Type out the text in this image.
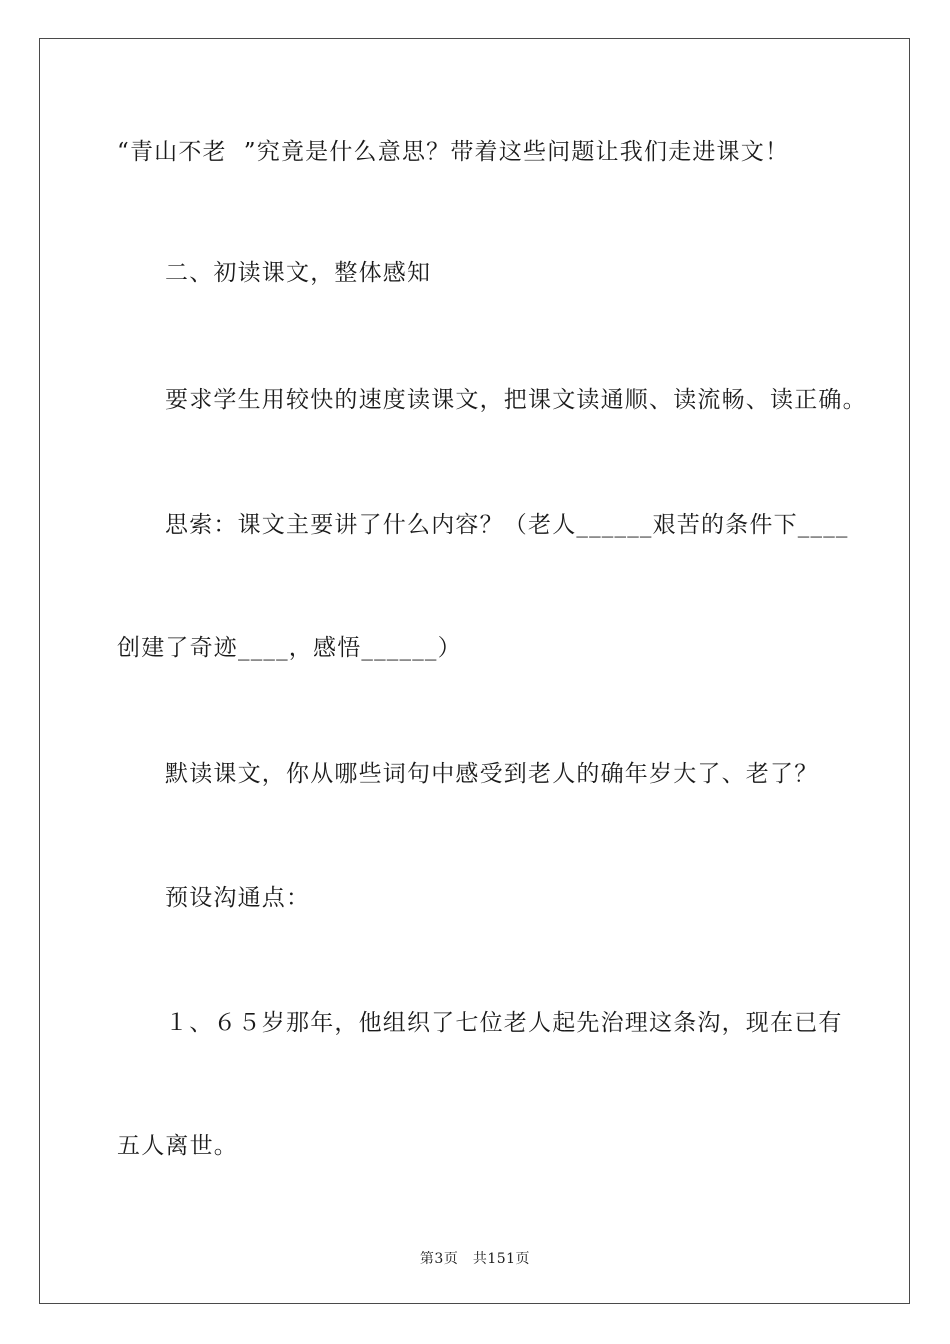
“青山不老  ”究竟是什么意思？带着这些问题让我们走进课文！
二、初读课文，整体感知
要求学生用较快的速度读课文，把课文读通顺、读流畅、读正确。
思索：课文主要讲了什么内容？（老人______艰苦的条件下____
创建了奇迹____，感悟______）
默读课文，你从哪些词句中感受到老人的确年岁大了、老了？
预设沟通点：
１、６５岁那年，他组织了七位老人起先治理这条沟，现在已有
五人离世。
第3页　共151页
